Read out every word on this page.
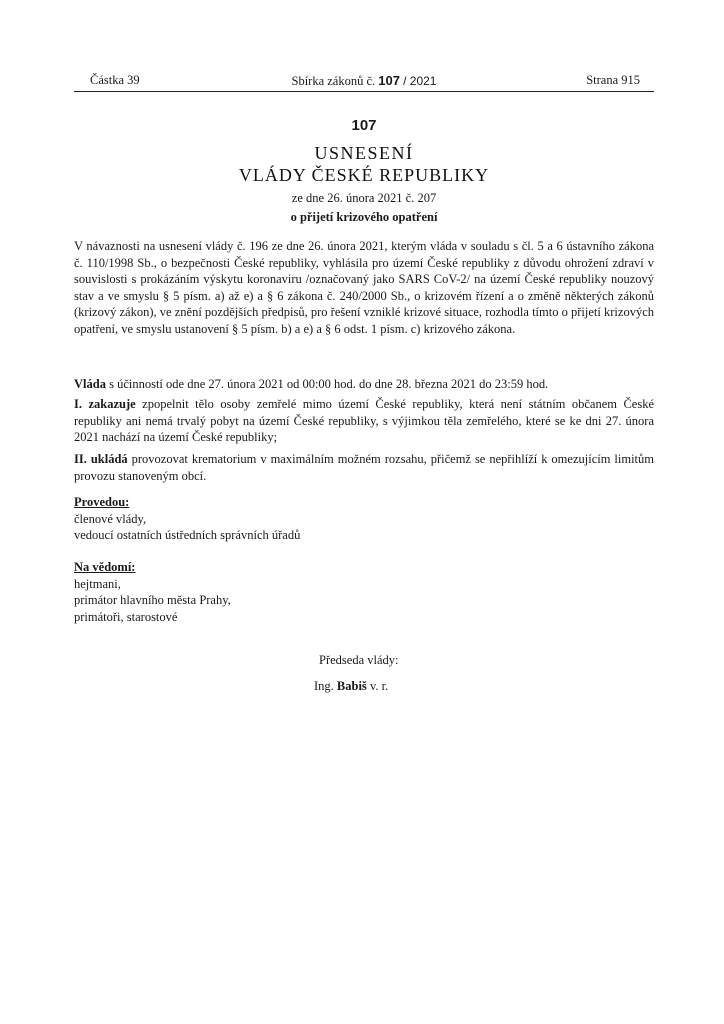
Částka 39	Sbírka zákonů č. 107 / 2021	Strana 915
107
USNESENÍ
VLÁDY ČESKÉ REPUBLIKY
ze dne 26. února 2021 č. 207
o přijetí krizového opatření
V návaznosti na usnesení vlády č. 196 ze dne 26. února 2021, kterým vláda v souladu s čl. 5 a 6 ústavního zákona č. 110/1998 Sb., o bezpečnosti České republiky, vyhlásila pro území České republiky z důvodu ohrožení zdraví v souvislosti s prokázáním výskytu koronaviru /označovaný jako SARS CoV-2/ na území České republiky nouzový stav a ve smyslu § 5 písm. a) až e) a § 6 zákona č. 240/2000 Sb., o krizovém řízení a o změně některých zákonů (krizový zákon), ve znění pozdějších předpisů, pro řešení vzniklé krizové situace, rozhodla tímto o přijetí krizových opatření, ve smyslu ustanovení § 5 písm. b) a e) a § 6 odst. 1 písm. c) krizového zákona.
Vláda s účinností ode dne 27. února 2021 od 00:00 hod. do dne 28. března 2021 do 23:59 hod.
I. zakazuje zpopelnit tělo osoby zemřelé mimo území České republiky, která není státním občanem České republiky ani nemá trvalý pobyt na území České republiky, s výjimkou těla zemřelého, které se ke dni 27. února 2021 nachází na území České republiky;
II. ukládá provozovat krematorium v maximálním možném rozsahu, přičemž se nepřihlíží k omezujícím limitům provozu stanoveným obcí.
Provedou:
členové vlády,
vedoucí ostatních ústředních správních úřadů
Na vědomí:
hejtmani,
primátor hlavního města Prahy,
primátoři, starostové
Předseda vlády:
Ing. Babiš v. r.
